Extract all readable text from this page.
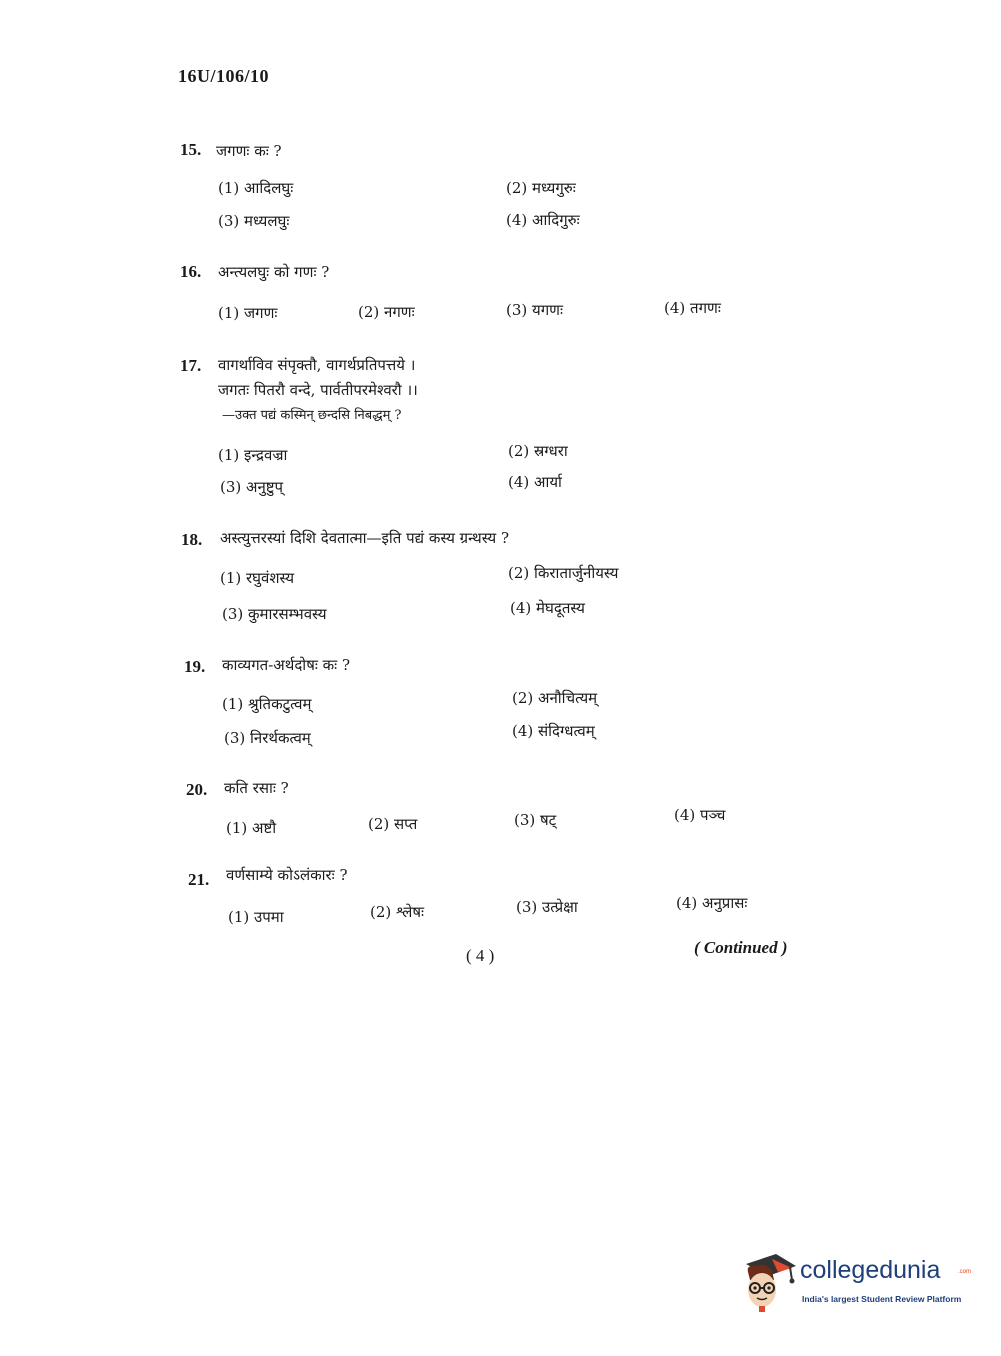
16U/106/10
15. जगणः कः ?
(1) आदिलघुः	(2) मध्यगुरुः
(3) मध्यलघुः	(4) आदिगुरुः
16. अन्त्यलघुः को गणः ?
(1) जगणः	(2) नगणः	(3) यगणः	(4) तगणः
17. वागर्थाविव संपृक्तौ, वागर्थप्रतिपत्तये ।
जगतः पितरौ वन्दे, पार्वतीपरमेश्वरौ ।।
—उक्त पद्यं कस्मिन् छन्दसि निबद्धम् ?
(1) इन्द्रवज्रा	(2) स्रग्धरा
(3) अनुष्टुप्	(4) आर्या
18. अस्त्युत्तरस्यां दिशि देवतात्मा—इति पद्यं कस्य ग्रन्थस्य ?
(1) रघुवंशस्य	(2) किरातार्जुनीयस्य
(3) कुमारसम्भवस्य	(4) मेघदूतस्य
19. काव्यगत-अर्थदोषः कः ?
(1) श्रुतिकटुत्वम्	(2) अनौचित्यम्
(3) निरर्थकत्वम्	(4) संदिग्धत्वम्
20. कति रसाः ?
(1) अष्टौ	(2) सप्त	(3) षट्	(4) पञ्च
21. वर्णसाम्ये कोऽलंकारः ?
(1) उपमा	(2) श्लेषः	(3) उत्प्रेक्षा	(4) अनुप्रासः
( 4 )	( Continued )
collegedunia	.com
India's largest Student Review Platform
